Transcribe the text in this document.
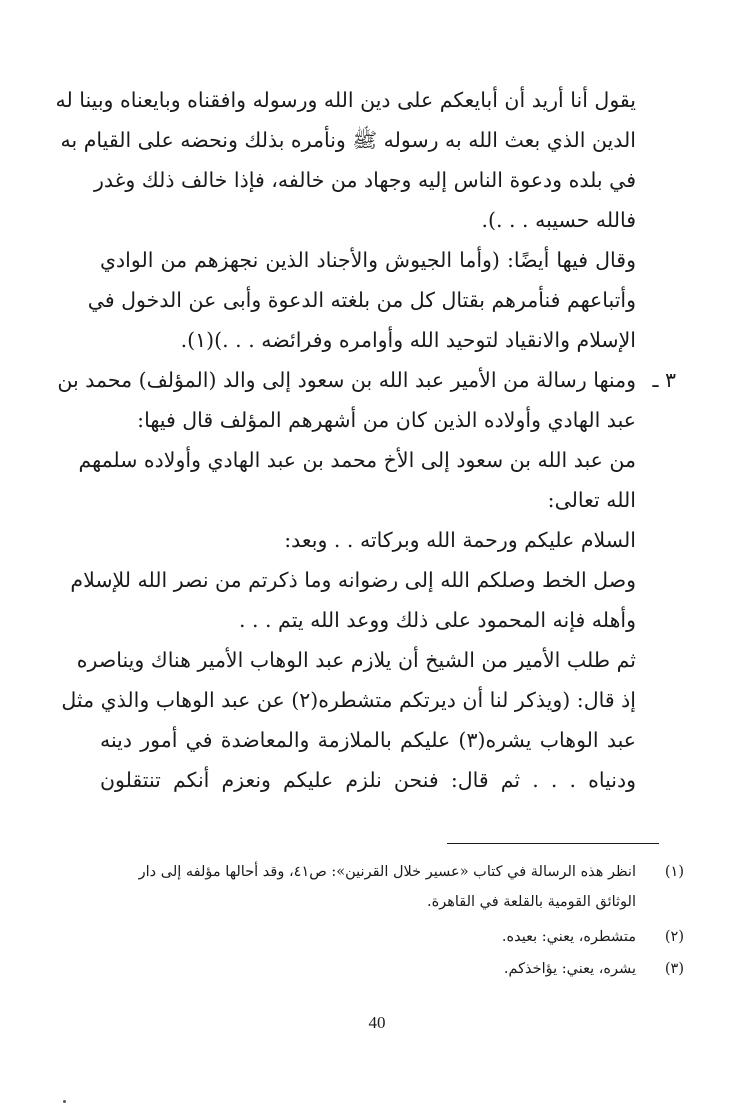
يقول أنا أريد أن أبايعكم على دين الله ورسوله وافقناه وبايعناه وبينا له
الدين الذي بعث الله به رسوله ﷺ ونأمره بذلك ونحضه على القيام به
في بلده ودعوة الناس إليه وجهاد من خالفه، فإذا خالف ذلك وغدر
فالله حسيبه . . .).
وقال فيها أيضًا: (وأما الجيوش والأجناد الذين نجهزهم من الوادي
وأتباعهم فنأمرهم بقتال كل من بلغته الدعوة وأبى عن الدخول في
الإسلام والانقياد لتوحيد الله وأوامره وفرائضه . . .)(١).
٣ ـ
ومنها رسالة من الأمير عبد الله بن سعود إلى والد (المؤلف) محمد بن
عبد الهادي وأولاده الذين كان من أشهرهم المؤلف قال فيها:
من عبد الله بن سعود إلى الأخ محمد بن عبد الهادي وأولاده سلمهم
الله تعالى:
السلام عليكم ورحمة الله وبركاته . . وبعد:
وصل الخط وصلكم الله إلى رضوانه وما ذكرتم من نصر الله للإسلام
وأهله فإنه المحمود على ذلك ووعد الله يتم . . .
ثم طلب الأمير من الشيخ أن يلازم عبد الوهاب الأمير هناك ويناصره
إذ قال: (ويذكر لنا أن ديرتكم متشطره(٢) عن عبد الوهاب والذي مثل
عبد الوهاب يشره(٣) عليكم بالملازمة والمعاضدة في أمور دينه
ودنياه . . . ثم قال: فنحن نلزم عليكم ونعزم أنكم تنتقلون
(١)
انظر هذه الرسالة في كتاب «عسير خلال القرنين»: ص٤١، وقد أحالها مؤلفه إلى دار
الوثائق القومية بالقلعة في القاهرة.
(٢)
متشطره، يعني: بعيده.
(٣)
يشره، يعني: يؤاخذكم.
40
